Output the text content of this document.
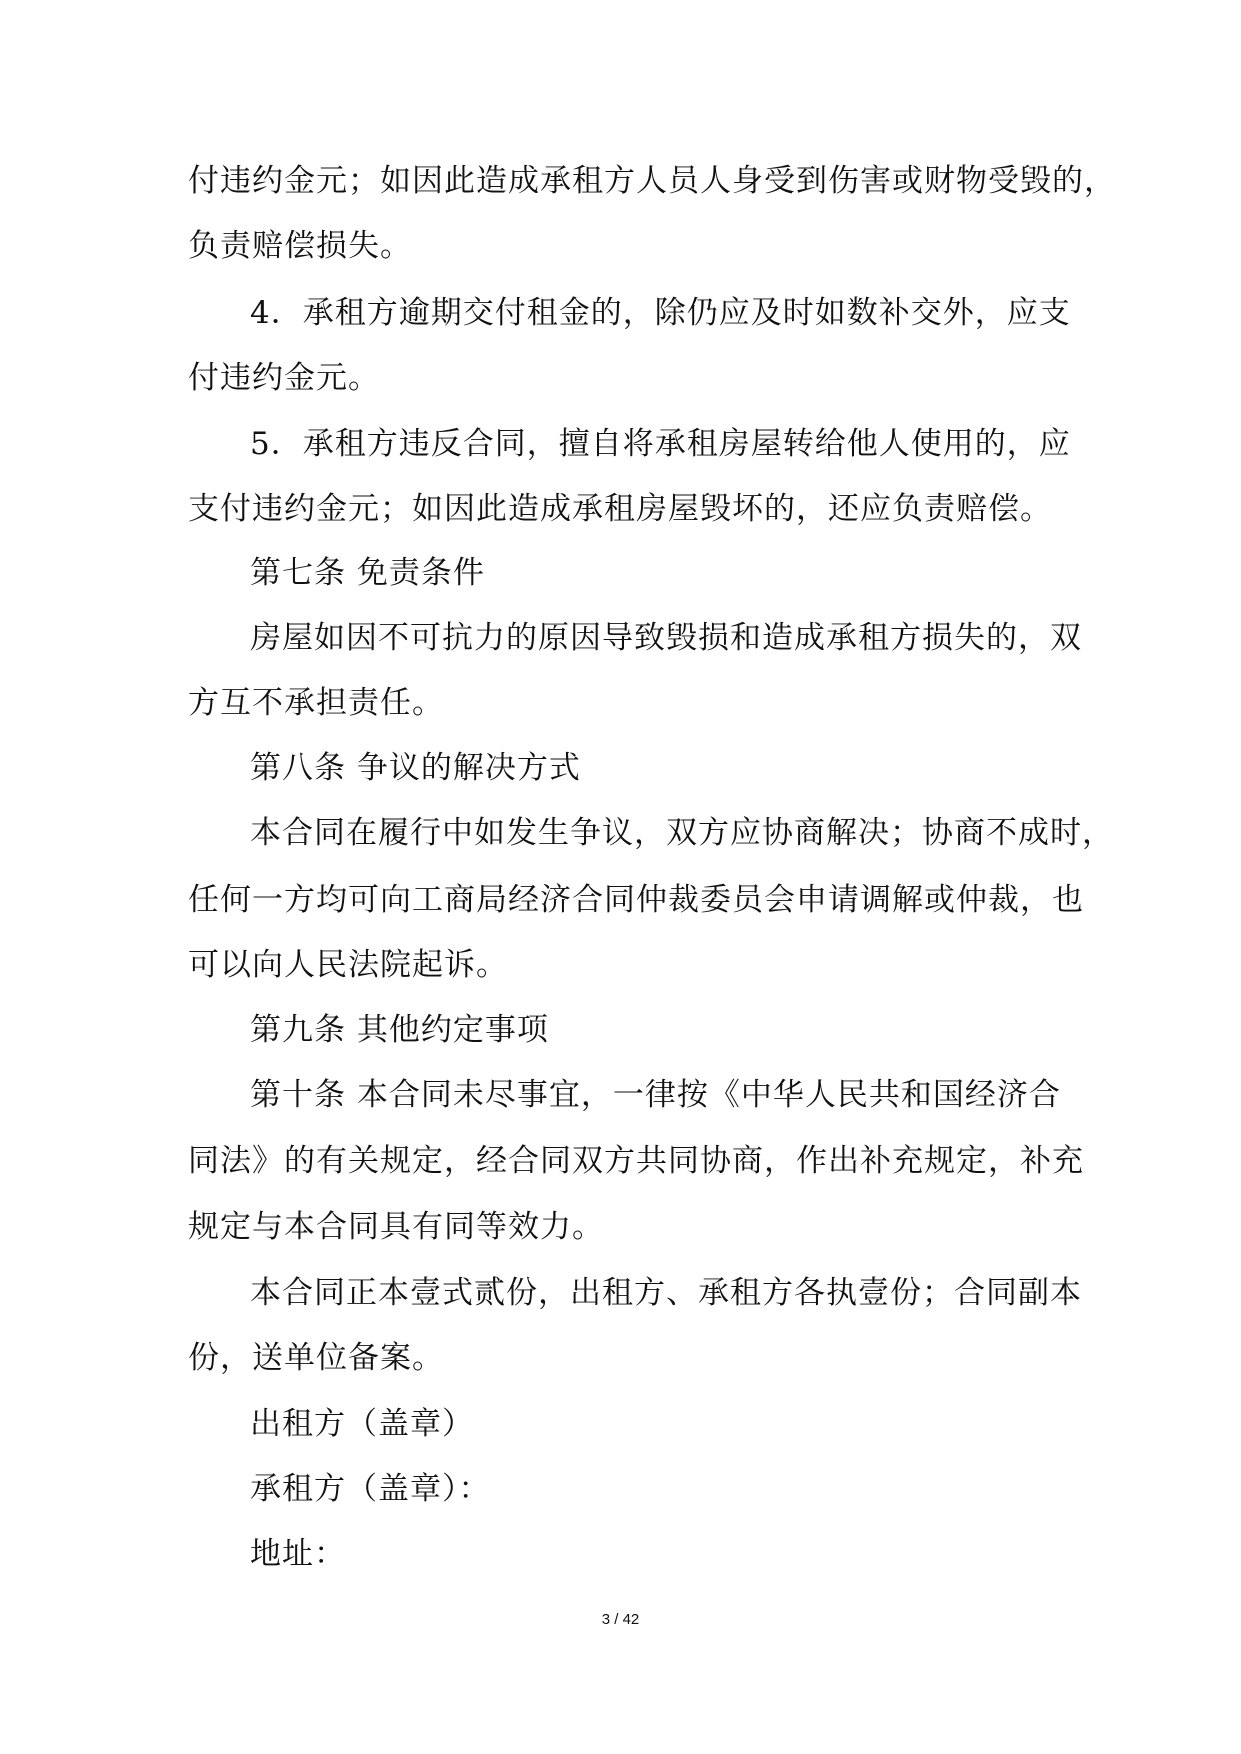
付违约金元；如因此造成承租方人员人身受到伤害或财物受毁的，
负责赔偿损失。
4．承租方逾期交付租金的，除仍应及时如数补交外，应支
付违约金元。
5．承租方违反合同，擅自将承租房屋转给他人使用的，应
支付违约金元；如因此造成承租房屋毁坏的，还应负责赔偿。
第七条 免责条件
房屋如因不可抗力的原因导致毁损和造成承租方损失的，双
方互不承担责任。
第八条 争议的解决方式
本合同在履行中如发生争议，双方应协商解决；协商不成时，
任何一方均可向工商局经济合同仲裁委员会申请调解或仲裁，也
可以向人民法院起诉。
第九条 其他约定事项
第十条 本合同未尽事宜，一律按《中华人民共和国经济合
同法》的有关规定，经合同双方共同协商，作出补充规定，补充
规定与本合同具有同等效力。
本合同正本壹式贰份，出租方、承租方各执壹份；合同副本
份，送单位备案。
出租方（盖章）
承租方（盖章）：
地址：
3 / 42
